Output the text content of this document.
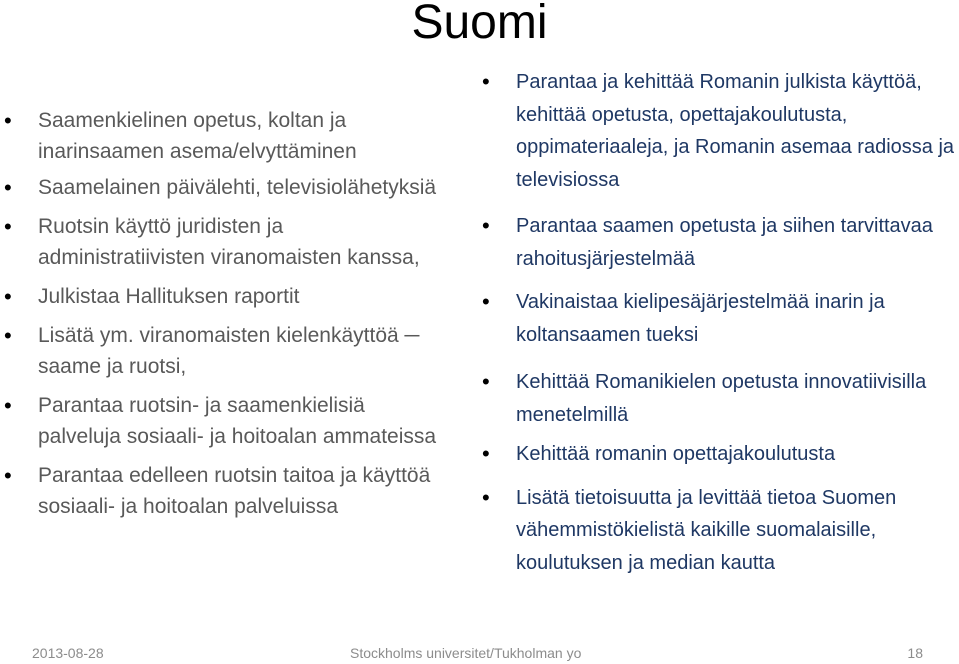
Suomi
• Saamenkielinen opetus, koltan ja inarinsaamen asema/elvyttäminen
• Saamelainen päivälehti, televisiolähetyksiä
• Ruotsin käyttö juridisten ja administratiivisten viranomaisten kanssa,
• Julkistaa Hallituksen raportit
• Lisätä ym. viranomaisten kielenkäyttöä ─ saame ja ruotsi,
• Parantaa ruotsin- ja saamenkielisiä palveluja sosiaali- ja hoitoalan ammateissa
• Parantaa edelleen ruotsin taitoa ja käyttöä sosiaali- ja hoitoalan palveluissa
• Parantaa ja kehittää Romanin julkista käyttöä, kehittää opetusta, opettajakoulutusta, oppimateriaaleja, ja Romanin asemaa radiossa ja televisiossa
• Parantaa saamen opetusta ja siihen tarvittavaa rahoitusjärjestelmää
• Vakinaistaa kielipesäjärjestelmää inarin ja koltansaamen tueksi
• Kehittää Romanikielen opetusta innovatiivisilla menetelmillä
• Kehittää romanin opettajakoulutusta
• Lisätä tietoisuutta ja levittää tietoa Suomen vähemmistökielistä kaikille suomalaisille, koulutuksen ja median kautta
2013-08-28	Stockholms universitet/Tukholman yo	18
